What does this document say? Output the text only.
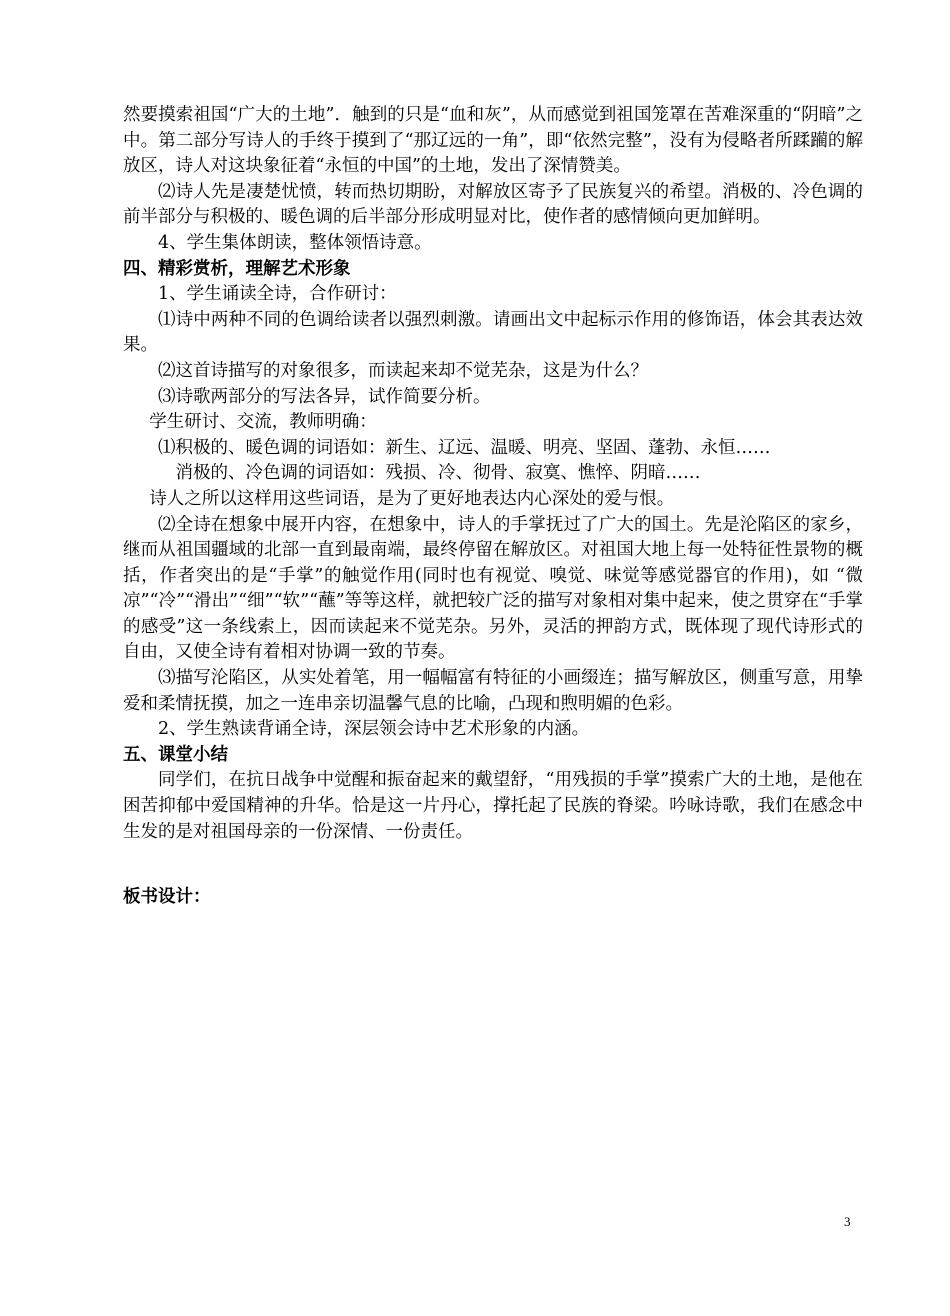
然要摸索祖国“广大的土地”．触到的只是“血和灰”，从而感觉到祖国笼罩在苦难深重的“阴暗”之中。第二部分写诗人的手终于摸到了“那辽远的一角”，即“依然完整”，没有为侵略者所蹂躏的解放区，诗人对这块象征着“永恒的中国”的土地，发出了深情赞美。

⑵诗人先是凄楚忧愤，转而热切期盼，对解放区寄予了民族复兴的希望。消极的、冷色调的前半部分与积极的、暖色调的后半部分形成明显对比，使作者的感情倾向更加鲜明。

4、学生集体朗读，整体领悟诗意。

四、精彩赏析，理解艺术形象

1、学生诵读全诗，合作研讨：

⑴诗中两种不同的色调给读者以强烈刺激。请画出文中起标示作用的修饰语，体会其表达效果。

⑵这首诗描写的对象很多，而读起来却不觉芜杂，这是为什么？

⑶诗歌两部分的写法各异，试作简要分析。

学生研讨、交流，教师明确：

⑴积极的、暖色调的词语如：新生、辽远、温暖、明亮、坚固、蓬勃、永恒……

消极的、冷色调的词语如：残损、冷、彻骨、寂寞、憔悴、阴暗……

诗人之所以这样用这些词语，是为了更好地表达内心深处的爱与恨。

⑵全诗在想象中展开内容，在想象中，诗人的手掌抚过了广大的国土。先是沦陷区的家乡，继而从祖国疆域的北部一直到最南端，最终停留在解放区。对祖国大地上每一处特征性景物的概括，作者突出的是“手掌”的触觉作用(同时也有视觉、嗅觉、味觉等感觉器官的作用)，如 “微凉”“冷”“滑出”“细”“软”“蘸”等等这样，就把较广泛的描写对象相对集中起来，使之贯穿在“手掌的感受”这一条线索上，因而读起来不觉芜杂。另外，灵活的押韵方式，既体现了现代诗形式的自由，又使全诗有着相对协调一致的节奏。

⑶描写沦陷区，从实处着笔，用一幅幅富有特征的小画缀连；描写解放区，侧重写意，用挚爱和柔情抚摸，加之一连串亲切温馨气息的比喻，凸现和煦明媚的色彩。

2、学生熟读背诵全诗，深层领会诗中艺术形象的内涵。

五、课堂小结

同学们，在抗日战争中觉醒和振奋起来的戴望舒，“用残损的手掌”摸索广大的土地，是他在困苦抑郁中爱国精神的升华。恰是这一片丹心，撑托起了民族的脊梁。吟咏诗歌，我们在感念中生发的是对祖国母亲的一份深情、一份责任。

板书设计：

3
